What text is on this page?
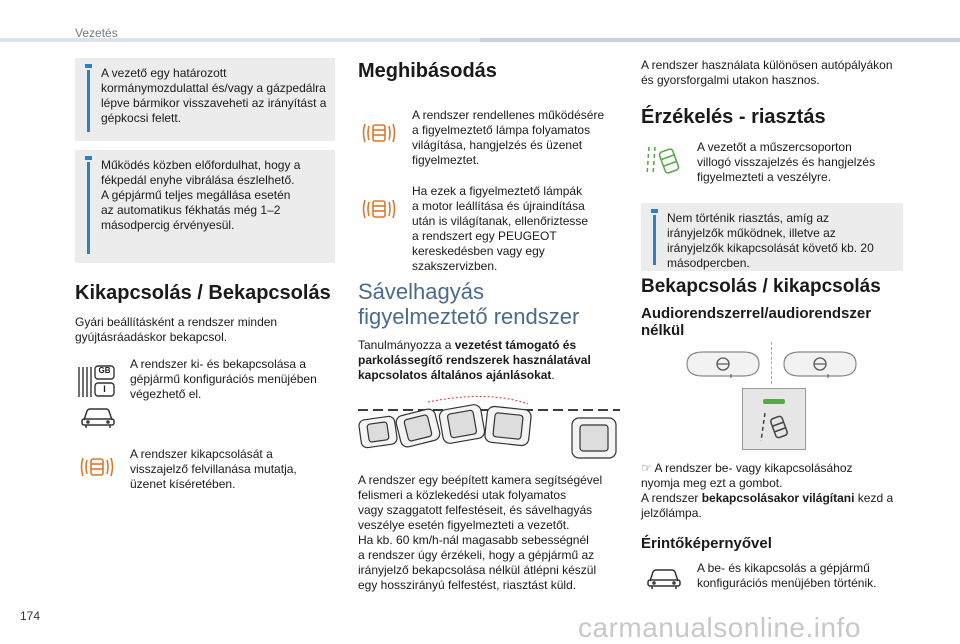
Vezetés
A vezető egy határozott
kormánymozdulattal és/vagy a gázpedálra
lépve bármikor visszaveheti az irányítást a
gépkocsi felett.
Működés közben előfordulhat, hogy a
fékpedál enyhe vibrálása észlelhető.
A gépjármű teljes megállása esetén
az automatikus fékhatás még 1–2
másodpercig érvényesül.
Kikapcsolás / Bekapcsolás
Gyári beállításként a rendszer minden
gyújtásráadáskor bekapcsol.
GB
I
A rendszer ki- és bekapcsolása a
gépjármű konfigurációs menüjében
végezhető el.
A rendszer kikapcsolását a
visszajelző felvillanása mutatja,
üzenet kíséretében.
Meghibásodás
A rendszer rendellenes működésére
a figyelmeztető lámpa folyamatos
világítása, hangjelzés és üzenet
figyelmeztet.
Ha ezek a figyelmeztető lámpák
a motor leállítása és újraindítása
után is világítanak, ellenőriztesse
a rendszert egy PEUGEOT
kereskedésben vagy egy
szakszervizben.
Sávelhagyás
figyelmeztető rendszer
Tanulmányozza a vezetést támogató és
parkolássegítő rendszerek használatával
kapcsolatos általános ajánlásokat.
A rendszer egy beépített kamera segítségével
felismeri a közlekedési utak folyamatos
vagy szaggatott felfestéseit, és sávelhagyás
veszélye esetén figyelmezteti a vezetőt.
Ha kb. 60 km/h-nál magasabb sebességnél
a rendszer úgy érzékeli, hogy a gépjármű az
irányjelző bekapcsolása nélkül átlépni készül
egy hosszirányú felfestést, riasztást küld.
A rendszer használata különösen autópályákon
és gyorsforgalmi utakon hasznos.
Érzékelés - riasztás
A vezetőt a műszercsoporton
villogó visszajelzés és hangjelzés
figyelmezteti a veszélyre.
Nem történik riasztás, amíg az
irányjelzők működnek, illetve az
irányjelzők kikapcsolását követő kb. 20
másodpercben.
Bekapcsolás / kikapcsolás
Audiorendszerrel/audiorendszer
nélkül
☞ A rendszer be- vagy kikapcsolásához
nyomja meg ezt a gombot.
A rendszer bekapcsolásakor világítani kezd a
jelzőlámpa.
Érintőképernyővel
A be- és kikapcsolás a gépjármű
konfigurációs menüjében történik.
174	carmanualsonline.info
